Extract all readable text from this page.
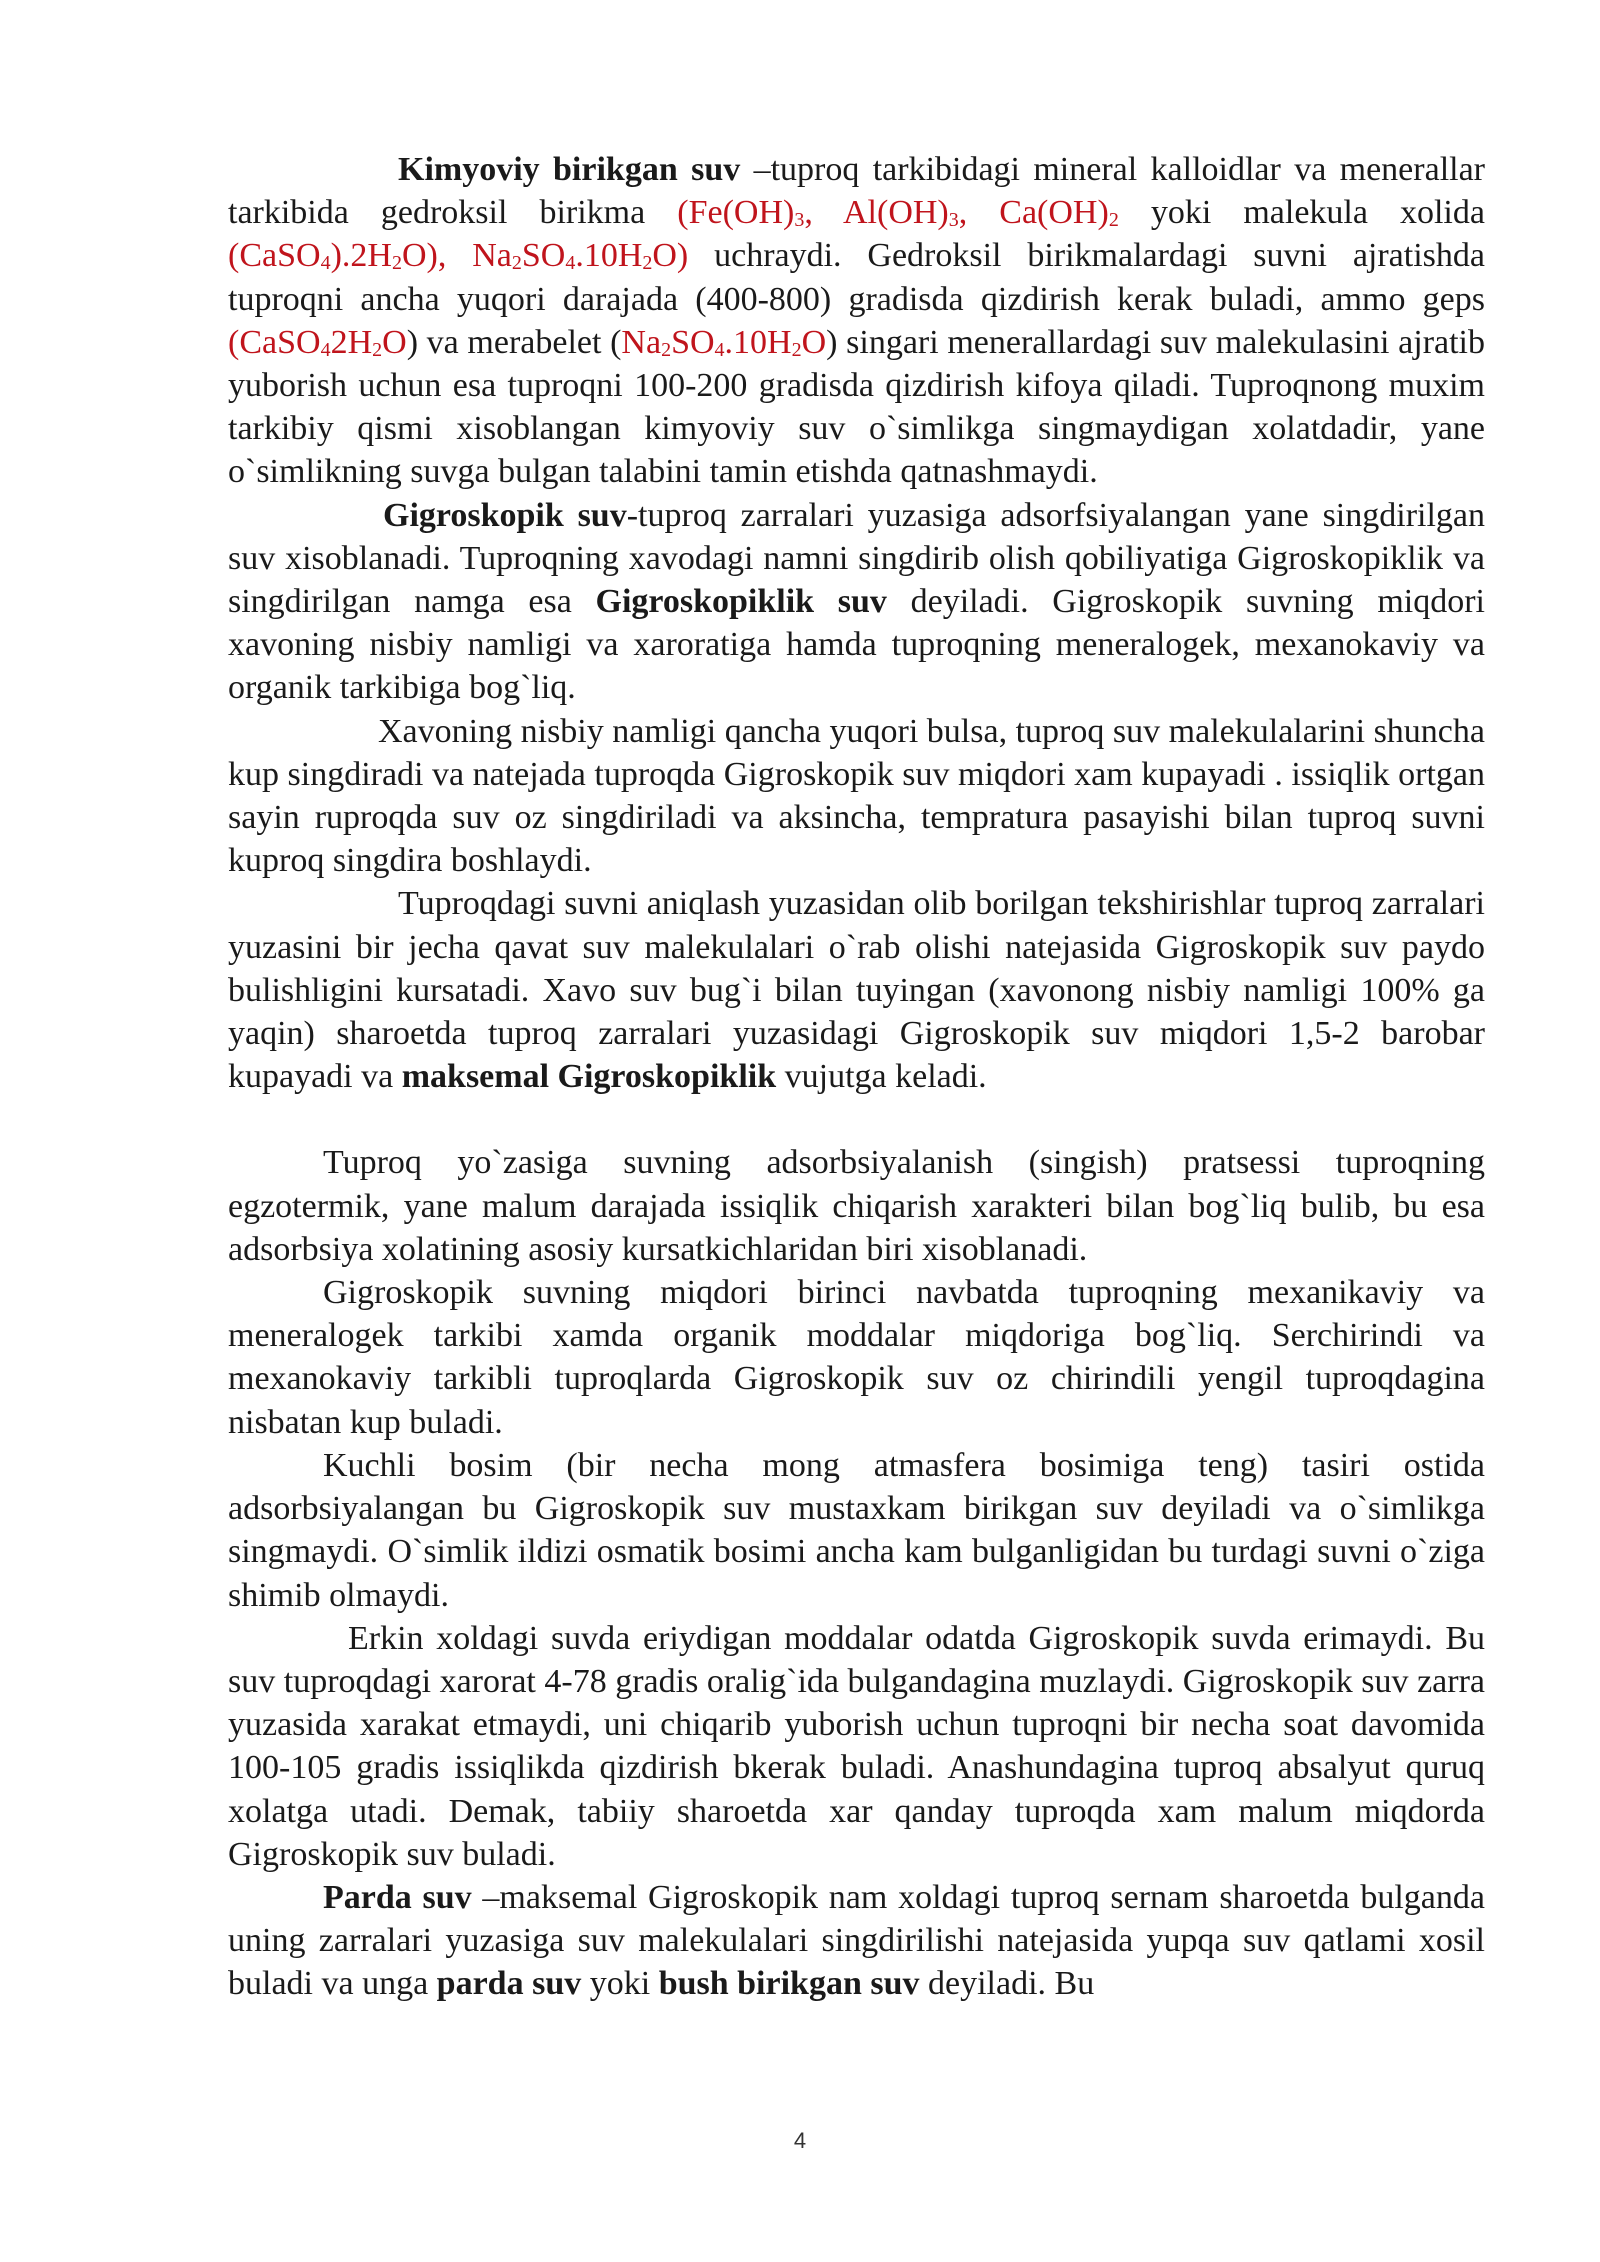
Kimyoviy birikgan suv –tuproq tarkibidagi mineral kalloidlar va menerallar tarkibida gedroksil birikma ($Fe(OH)_3$, $Al(OH)_3$, $Ca(OH)_2$ yoki malekula xolida $(CaSO_4).2H_2O$), $Na_2SO_4.10H_2O$) uchraydi. Gedroksil birikmalardagi suvni ajratishda tuproqni ancha yuqori darajada (400-800) gradisda qizdirish kerak buladi, ammo geps $(CaSO_42H_2O)$ va merabelet $(Na_2SO_4.10H_2O)$ singari menerallardagi suv malekulasini ajratib yuborish uchun esa tuproqni 100-200 gradisda qizdirish kifoya qiladi. Tuproqnong muxim tarkibiy qismi xisoblangan kimyoviy suv o`simlikga singmaydigan xolatdadir, yane o`simlikning suvga bulgan talabini tamin etishda qatnashmaydi.

Gigroskopik suv-tuproq zarralari yuzasiga adsorfsiyalangan yane singdirilgan suv xisoblanadi. Tuproqning xavodagi namni singdirib olish qobiliyatiga Gigroskopiklik va singdirilgan namga esa Gigroskopiklik suv deyiladi. Gigroskopik suvning miqdori xavoning nisbiy namligi va xaroratiga hamda tuproqning meneralogek, mexanokaviy va organik tarkibiga bog`liq.

Xavoning nisbiy namligi qancha yuqori bulsa, tuproq suv malekulalarini shuncha kup singdiradi va natejada tuproqda Gigroskopik suv miqdori xam kupayadi . issiqlik ortgan sayin ruproqda suv oz singdiriladi va aksincha, tempratura pasayishi bilan tuproq suvni kuproq singdira boshlaydi.

Tuproqdagi suvni aniqlash yuzasidan olib borilgan tekshirishlar tuproq zarralari yuzasini bir jecha qavat suv malekulalari o`rab olishi natejasida Gigroskopik suv paydo bulishligini kursatadi. Xavo suv bug`i bilan tuyingan (xavonong nisbiy namligi 100% ga yaqin) sharoetda tuproq zarralari yuzasidagi Gigroskopik suv miqdori 1,5-2 barobar kupayadi va maksemal Gigroskopiklik vujutga keladi.

Tuproq yo`zasiga suvning adsorbsiyalanish (singish) pratsessi tuproqning egzotermik, yane malum darajada issiqlik chiqarish xarakteri bilan bog`liq bulib, bu esa adsorbsiya xolatining asosiy kursatkichlaridan biri xisoblanadi.

Gigroskopik suvning miqdori birinci navbatda tuproqning mexanikaviy va meneralogek tarkibi xamda organik moddalar miqdoriga bog`liq. Serchirindi va mexanokaviy tarkibli tuproqlarda Gigroskopik suv oz chirindili yengil tuproqdagina nisbatan kup buladi.

Kuchli bosim (bir necha mong atmasfera bosimiga teng) tasiri ostida adsorbsiyalangan bu Gigroskopik suv mustaxkam birikgan suv deyiladi va o`simlikga singmaydi. O`simlik ildizi osmatik bosimi ancha kam bulganligidan bu turdagi suvni o`ziga shimib olmaydi.

Erkin xoldagi suvda eriydigan moddalar odatda Gigroskopik suvda erimaydi. Bu suv tuproqdagi xarorat 4-78 gradis oralig`ida bulgandagina muzlaydi. Gigroskopik suv zarra yuzasida xarakat etmaydi, uni chiqarib yuborish uchun tuproqni bir necha soat davomida 100-105 gradis issiqlikda qizdirish bkerak buladi. Anashundagina tuproq absalyut quruq xolatga utadi. Demak, tabiiy sharoetda xar qanday tuproqda xam malum miqdorda Gigroskopik suv buladi.

Parda suv –maksemal Gigroskopik nam xoldagi tuproq sernam sharoetda bulganda uning zarralari yuzasiga suv malekulalari singdirilishi natejasida yupqa suv qatlami xosil buladi va unga parda suv yoki bush birikgan suv deyiladi. Bu

4
